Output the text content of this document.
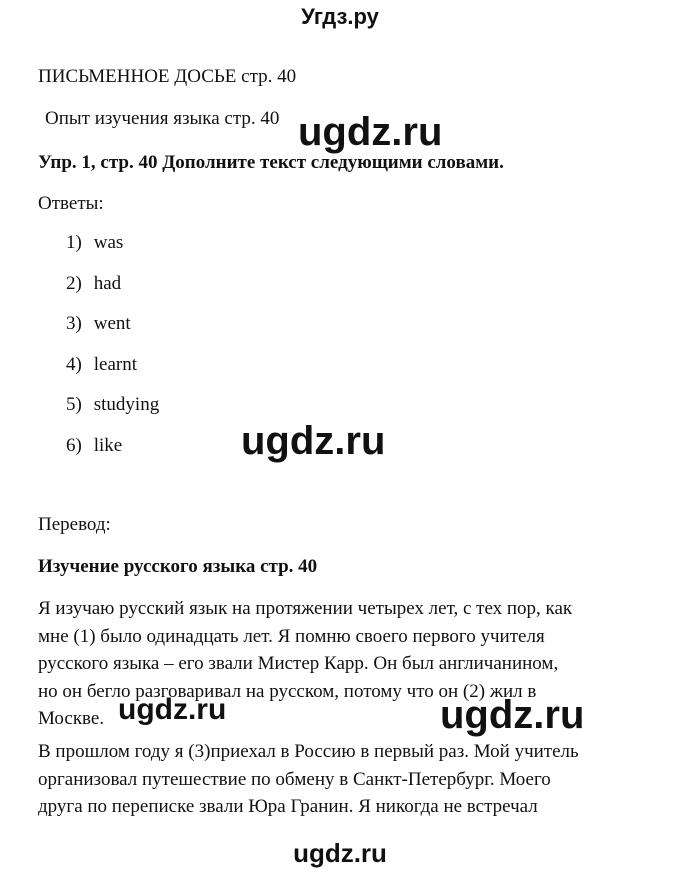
Угдз.ру
ПИСЬМЕННОЕ ДОСЬЕ стр. 40
Опыт изучения языка стр. 40
Упр. 1, стр. 40 Дополните текст следующими словами.
Ответы:
1) was
2) had
3) went
4) learnt
5) studying
6) like
Перевод:
Изучение русского языка стр. 40
Я изучаю русский язык на протяжении четырех лет, с тех пор, как
мне (1) было одинадцать лет. Я помню своего первого учителя
русского языка – его звали Мистер Карр. Он был англичанином,
но он бегло разговаривал на русском, потому что он (2) жил в
Москве.
В прошлом году я (3)приехал в Россию в первый раз. Мой учитель
организовал путешествие по обмену в Санкт-Петербург. Моего
друга по переписке звали Юра Гранин. Я никогда не встречал
ugdz.ru
ugdz.ru
ugdz.ru	ugdz.ru
ugdz.ru
